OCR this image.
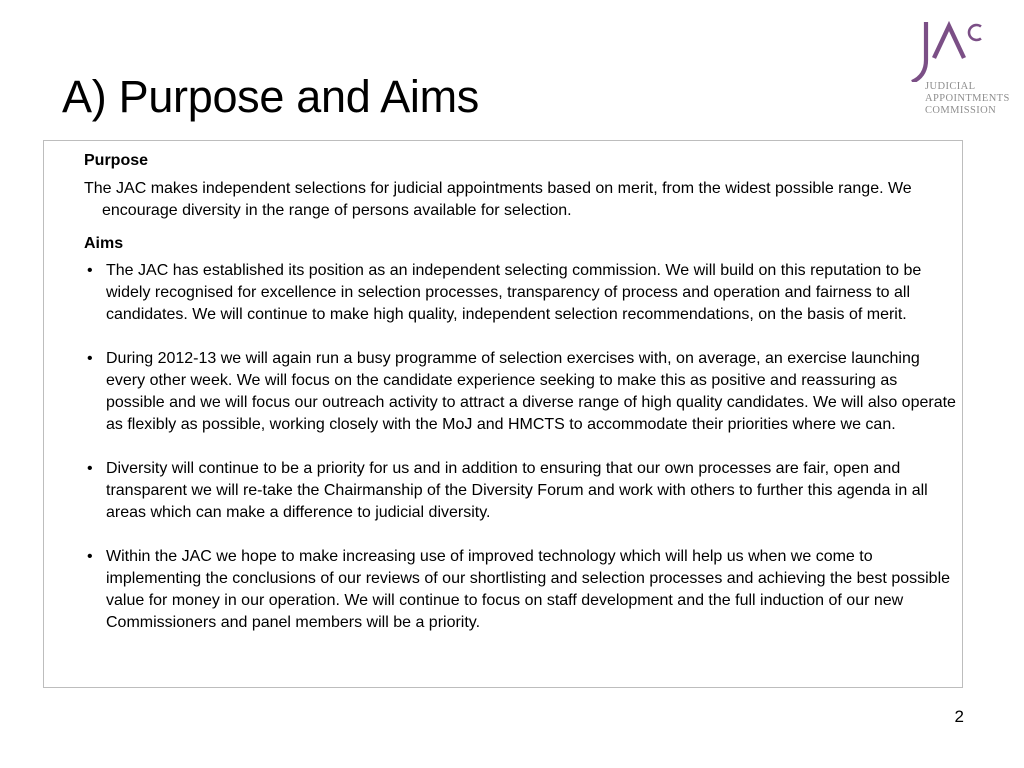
A) Purpose and Aims	JUDICIAL
APPOINTMENTS
COMMISSION

Purpose

The JAC makes independent selections for judicial appointments based on merit, from the widest possible range. We encourage diversity in the range of persons available for selection.

Aims

• The JAC has established its position as an independent selecting commission. We will build on this reputation to be widely recognised for excellence in selection processes, transparency of process and operation and fairness to all candidates. We will continue to make high quality, independent selection recommendations, on the basis of merit.
• During 2012-13 we will again run a busy programme of selection exercises with, on average, an exercise launching every other week. We will focus on the candidate experience seeking to make this as positive and reassuring as possible and we will focus our outreach activity to attract a diverse range of high quality candidates. We will also operate as flexibly as possible, working closely with the MoJ and HMCTS to accommodate their priorities where we can.
• Diversity will continue to be a priority for us and in addition to ensuring that our own processes are fair, open and transparent we will re-take the Chairmanship of the Diversity Forum and work with others to further this agenda in all areas which can make a difference to judicial diversity.
• Within the JAC we hope to make increasing use of improved technology which will help us when we come to implementing the conclusions of our reviews of our shortlisting and selection processes and achieving the best possible value for money in our operation. We will continue to focus on staff development and the full induction of our new Commissioners and panel members will be a priority.
2
